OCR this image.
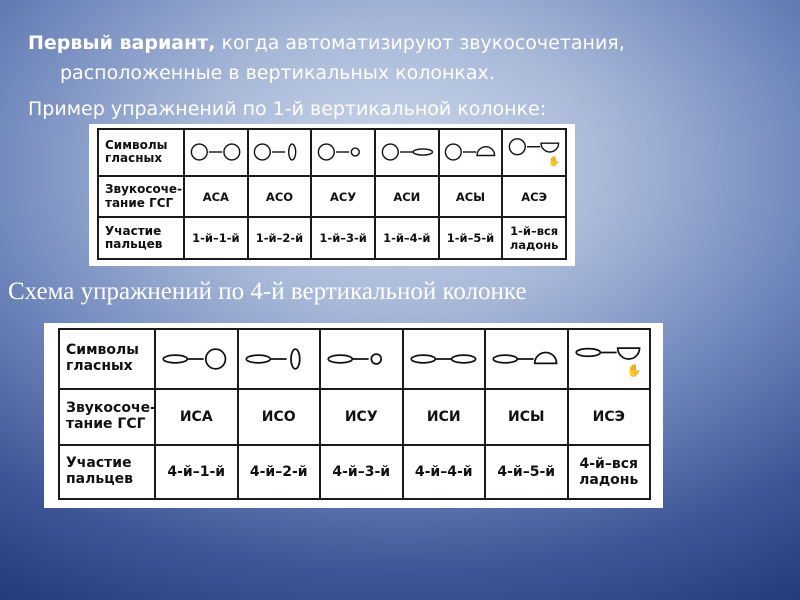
Первый вариант, когда автоматизируют звукосочетания,

расположенные в вертикальных колонках.

Пример упражнений по 1-й вертикальной колонке:

Символы гласных						✋

Звукосоче-тание ГСГ	АСА	АСО	АСУ	АСИ	АСЫ	АСЭ
Участие пальцев	1-й–1-й	1-й–2-й	1-й–3-й	1-й–4-й	1-й–5-й	1-й–вся ладонь
Схема упражнений по 4-й вертикальной колонке
Символы гласных						✋

Звукосоче-тание ГСГ	ИСА	ИСО	ИСУ	ИСИ	ИСЫ	ИСЭ
Участие пальцев	4-й–1-й	4-й–2-й	4-й–3-й	4-й–4-й	4-й–5-й	4-й–вся ладонь
